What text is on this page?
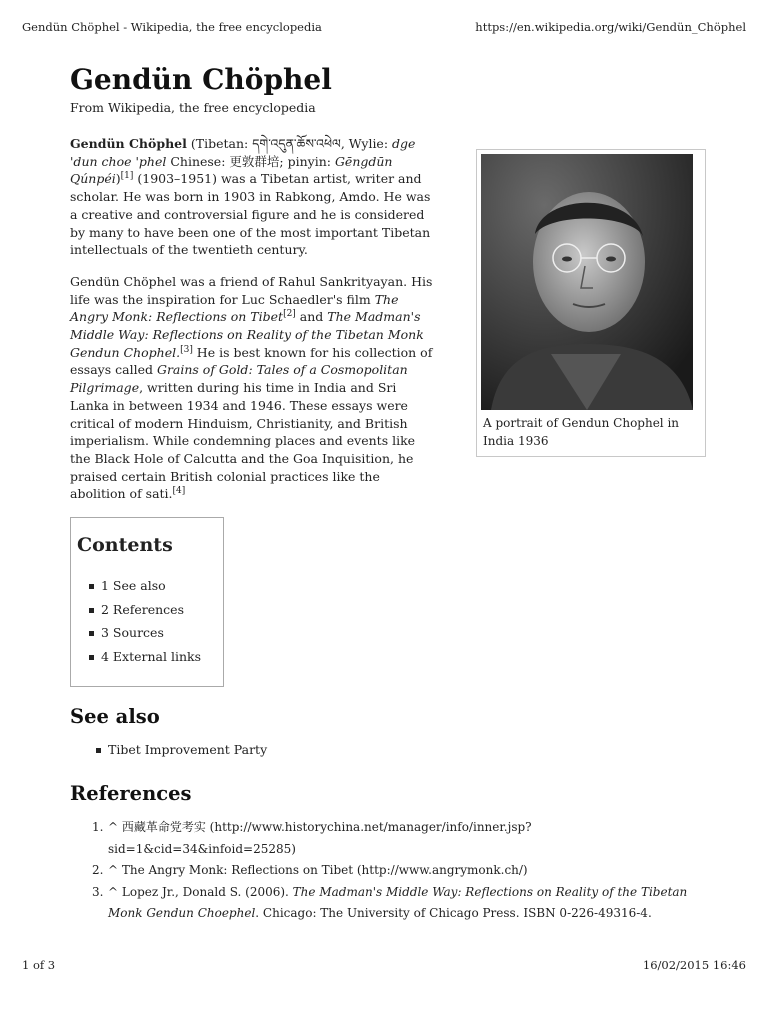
Gendün Chöphel - Wikipedia, the free encyclopedia	https://en.wikipedia.org/wiki/Gendün_Chöphel
Gendün Chöphel
From Wikipedia, the free encyclopedia

Gendün Chöphel (Tibetan: དགེ་འདུན་ཆོས་འཕེལ, Wylie: dge 'dun choe 'phel Chinese: 更敦群培; pinyin: Gēngdūn Qúnpéi)[1] (1903–1951) was a Tibetan artist, writer and scholar. He was born in 1903 in Rabkong, Amdo. He was a creative and controversial figure and he is considered by many to have been one of the most important Tibetan intellectuals of the twentieth century.

Gendün Chöphel was a friend of Rahul Sankrityayan. His life was the inspiration for Luc Schaedler's film The Angry Monk: Reflections on Tibet[2] and The Madman's Middle Way: Reflections on Reality of the Tibetan Monk Gendun Chophel.[3] He is best known for his collection of essays called Grains of Gold: Tales of a Cosmopolitan Pilgrimage, written during his time in India and Sri Lanka in between 1934 and 1946. These essays were critical of modern Hinduism, Christianity, and British imperialism. While condemning places and events like the Black Hole of Calcutta and the Goa Inquisition, he praised certain British colonial practices like the abolition of sati.[4]

A portrait of Gendun Chophel in India 1936
Contents
1 See also
2 References
3 Sources
4 External links
See also
Tibet Improvement Party
References
1. ^ 西藏革命党考实 (http://www.historychina.net/manager/info/inner.jsp?sid=1&cid=34&infoid=25285)
2. ^ The Angry Monk: Reflections on Tibet (http://www.angrymonk.ch/)
3. ^ Lopez Jr., Donald S. (2006). The Madman's Middle Way: Reflections on Reality of the Tibetan Monk Gendun Choephel. Chicago: The University of Chicago Press. ISBN 0-226-49316-4.
1 of 3	16/02/2015 16:46
